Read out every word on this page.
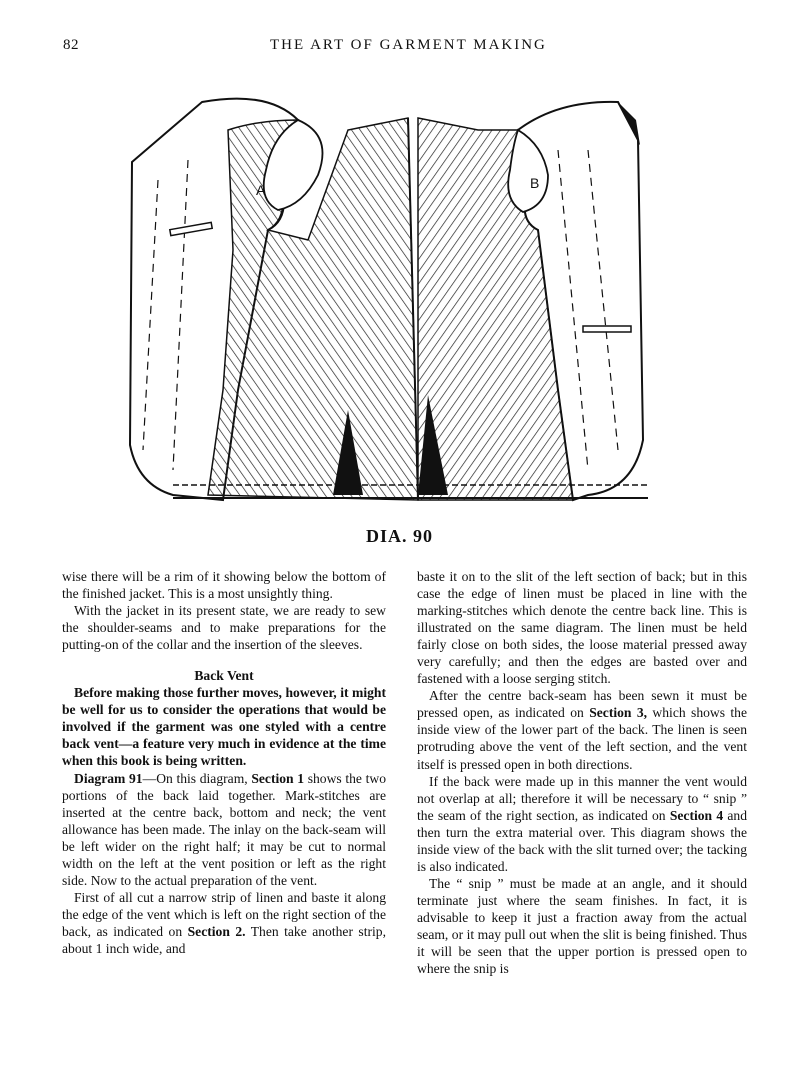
82	THE ART OF GARMENT MAKING
A	B
DIA. 90

wise there will be a rim of it showing below the bottom of the finished jacket. This is a most unsightly thing.

With the jacket in its present state, we are ready to sew the shoulder-seams and to make preparations for the putting-on of the collar and the insertion of the sleeves.

Back Vent

Before making those further moves, however, it might be well for us to consider the operations that would be involved if the garment was one styled with a centre back vent—a feature very much in evidence at the time when this book is being written.

Diagram 91—On this diagram, Section 1 shows the two portions of the back laid together. Mark-stitches are inserted at the centre back, bottom and neck; the vent allowance has been made. The inlay on the back-seam will be left wider on the right half; it may be cut to normal width on the left at the vent position or left as the right side. Now to the actual preparation of the vent.

First of all cut a narrow strip of linen and baste it along the edge of the vent which is left on the right section of the back, as indicated on Section 2. Then take another strip, about 1 inch wide, and

baste it on to the slit of the left section of back; but in this case the edge of linen must be placed in line with the marking-stitches which denote the centre back line. This is illustrated on the same diagram. The linen must be held fairly close on both sides, the loose material pressed away very carefully; and then the edges are basted over and fastened with a loose serging stitch.

After the centre back-seam has been sewn it must be pressed open, as indicated on Section 3, which shows the inside view of the lower part of the back. The linen is seen protruding above the vent of the left section, and the vent itself is pressed open in both directions.

If the back were made up in this manner the vent would not overlap at all; therefore it will be necessary to “ snip ” the seam of the right section, as indicated on Section 4 and then turn the extra material over. This diagram shows the inside view of the back with the slit turned over; the tacking is also indicated.

The “ snip ” must be made at an angle, and it should terminate just where the seam finishes. In fact, it is advisable to keep it just a fraction away from the actual seam, or it may pull out when the slit is being finished. Thus it will be seen that the upper portion is pressed open to where the snip is
